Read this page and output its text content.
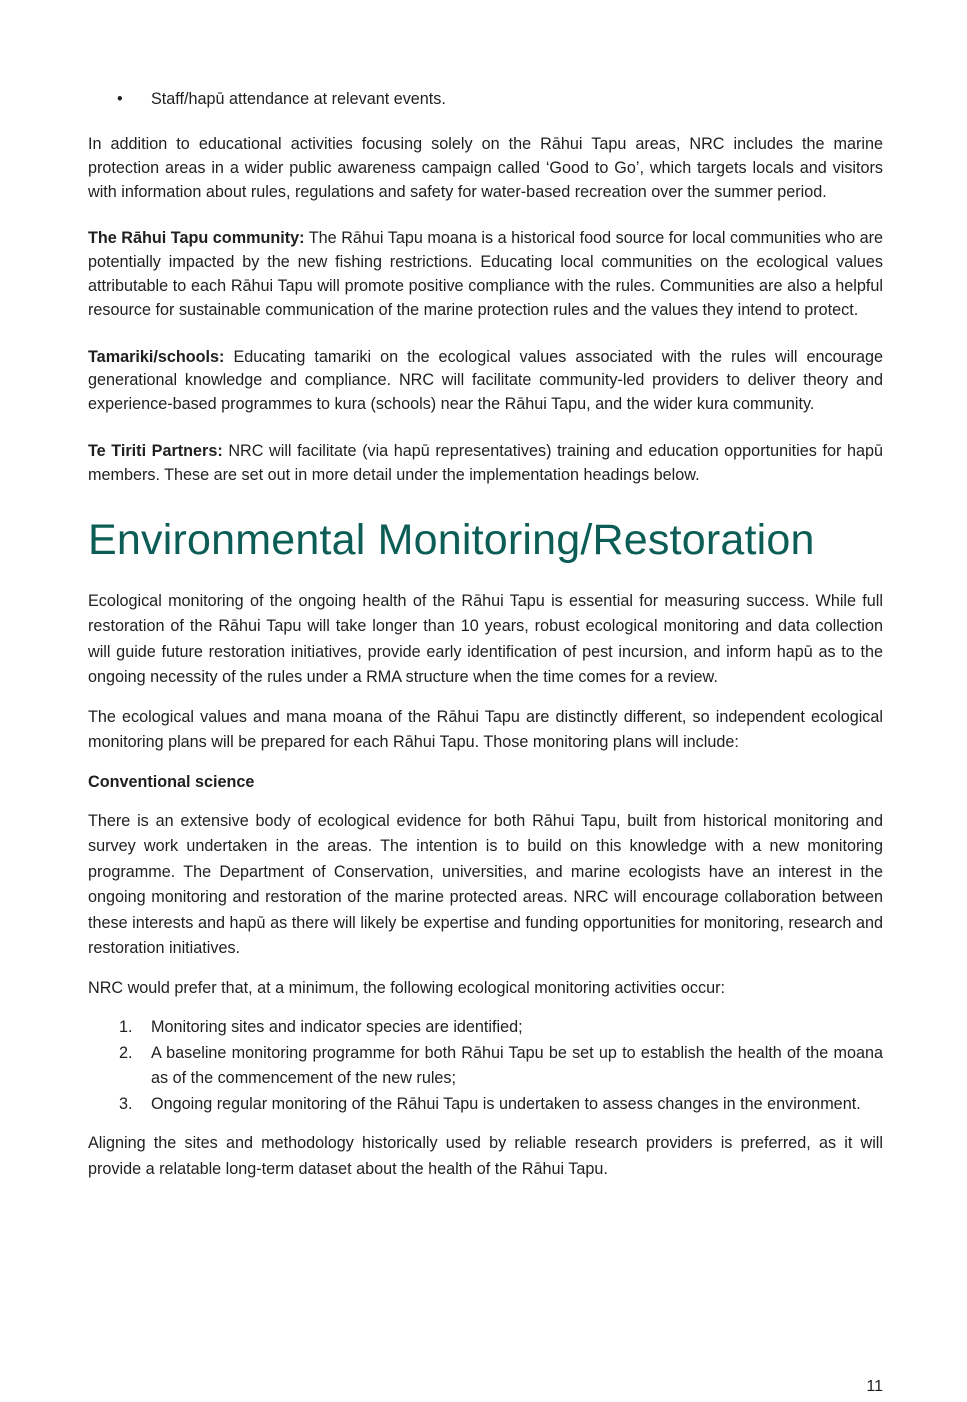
•	Staff/hapū attendance at relevant events.

In addition to educational activities focusing solely on the Rāhui Tapu areas, NRC includes the marine protection areas in a wider public awareness campaign called ‘Good to Go’, which targets locals and visitors with information about rules, regulations and safety for water-based recreation over the summer period.

The Rāhui Tapu community: The Rāhui Tapu moana is a historical food source for local communities who are potentially impacted by the new fishing restrictions. Educating local communities on the ecological values attributable to each Rāhui Tapu will promote positive compliance with the rules. Communities are also a helpful resource for sustainable communication of the marine protection rules and the values they intend to protect.

Tamariki/schools: Educating tamariki on the ecological values associated with the rules will encourage generational knowledge and compliance. NRC will facilitate community-led providers to deliver theory and experience-based programmes to kura (schools) near the Rāhui Tapu, and the wider kura community.

Te Tiriti Partners: NRC will facilitate (via hapū representatives) training and education opportunities for hapū members. These are set out in more detail under the implementation headings below.

Environmental Monitoring/Restoration

Ecological monitoring of the ongoing health of the Rāhui Tapu is essential for measuring success. While full restoration of the Rāhui Tapu will take longer than 10 years, robust ecological monitoring and data collection will guide future restoration initiatives, provide early identification of pest incursion, and inform hapū as to the ongoing necessity of the rules under a RMA structure when the time comes for a review.

The ecological values and mana moana of the Rāhui Tapu are distinctly different, so independent ecological monitoring plans will be prepared for each Rāhui Tapu. Those monitoring plans will include:

Conventional science

There is an extensive body of ecological evidence for both Rāhui Tapu, built from historical monitoring and survey work undertaken in the areas. The intention is to build on this knowledge with a new monitoring programme. The Department of Conservation, universities, and marine ecologists have an interest in the ongoing monitoring and restoration of the marine protected areas. NRC will encourage collaboration between these interests and hapū as there will likely be expertise and funding opportunities for monitoring, research and restoration initiatives.

NRC would prefer that, at a minimum, the following ecological monitoring activities occur:

1.	Monitoring sites and indicator species are identified;
2.	A baseline monitoring programme for both Rāhui Tapu be set up to establish the health of the moana as of the commencement of the new rules;
3.	Ongoing regular monitoring of the Rāhui Tapu is undertaken to assess changes in the environment.

Aligning the sites and methodology historically used by reliable research providers is preferred, as it will provide a relatable long-term dataset about the health of the Rāhui Tapu.

11
